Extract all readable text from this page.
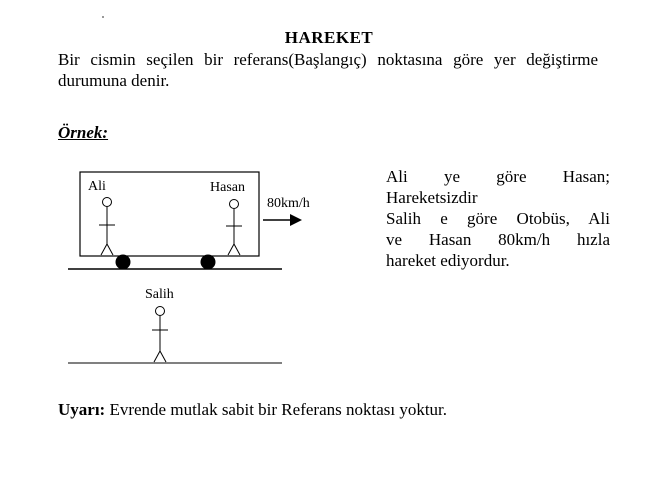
HAREKET
Bir cismin seçilen bir referans(Başlangıç) noktasına göre yer değiştirme durumuna denir.
Örnek:
Ali	Hasan
80km/h
Salih
Ali ye göre Hasan;
Hareketsizdir
Salih e göre Otobüs, Ali
ve Hasan 80km/h hızla
hareket ediyordur.
Uyarı: Evrende mutlak sabit bir Referans noktası yoktur.
